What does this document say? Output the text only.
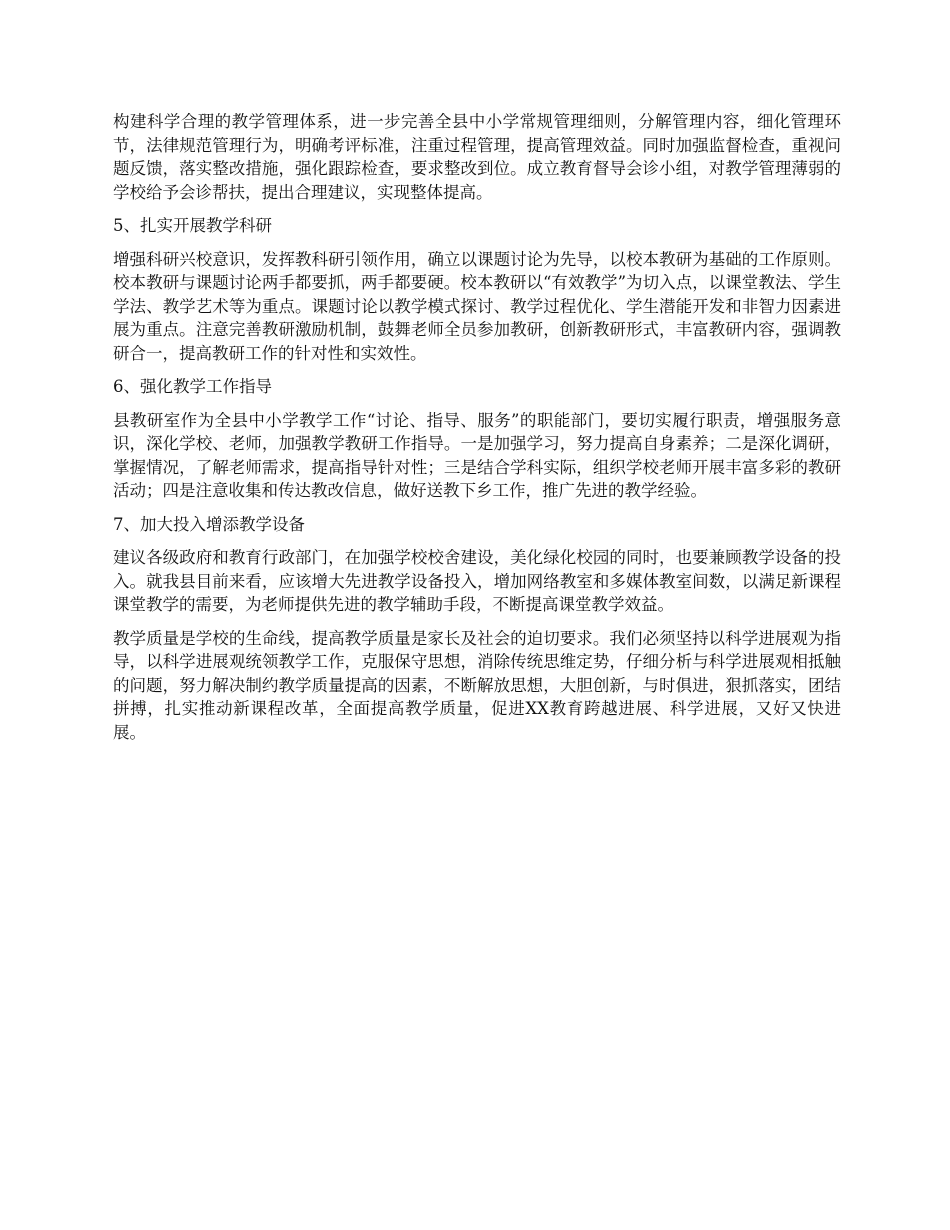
构建科学合理的教学管理体系，进一步完善全县中小学常规管理细则，分解管理内容，细化管理环节，法律规范管理行为，明确考评标准，注重过程管理，提高管理效益。同时加强监督检查，重视问题反馈，落实整改措施，强化跟踪检查，要求整改到位。成立教育督导会诊小组，对教学管理薄弱的学校给予会诊帮扶，提出合理建议，实现整体提高。

5、扎实开展教学科研

增强科研兴校意识，发挥教科研引领作用，确立以课题讨论为先导，以校本教研为基础的工作原则。校本教研与课题讨论两手都要抓，两手都要硬。校本教研以“有效教学”为切入点，以课堂教法、学生学法、教学艺术等为重点。课题讨论以教学模式探讨、教学过程优化、学生潜能开发和非智力因素进展为重点。注意完善教研激励机制，鼓舞老师全员参加教研，创新教研形式，丰富教研内容，强调教研合一，提高教研工作的针对性和实效性。

6、强化教学工作指导

县教研室作为全县中小学教学工作“讨论、指导、服务”的职能部门，要切实履行职责，增强服务意识，深化学校、老师，加强教学教研工作指导。一是加强学习，努力提高自身素养；二是深化调研，掌握情况，了解老师需求，提高指导针对性；三是结合学科实际，组织学校老师开展丰富多彩的教研活动；四是注意收集和传达教改信息，做好送教下乡工作，推广先进的教学经验。

7、加大投入增添教学设备

建议各级政府和教育行政部门，在加强学校校舍建设，美化绿化校园的同时，也要兼顾教学设备的投入。就我县目前来看，应该增大先进教学设备投入，增加网络教室和多媒体教室间数，以满足新课程课堂教学的需要，为老师提供先进的教学辅助手段，不断提高课堂教学效益。

教学质量是学校的生命线，提高教学质量是家长及社会的迫切要求。我们必须坚持以科学进展观为指导，以科学进展观统领教学工作，克服保守思想，消除传统思维定势，仔细分析与科学进展观相抵触的问题，努力解决制约教学质量提高的因素，不断解放思想，大胆创新，与时俱进，狠抓落实，团结拼搏，扎实推动新课程改革，全面提高教学质量，促进XX教育跨越进展、科学进展，又好又快进展。
